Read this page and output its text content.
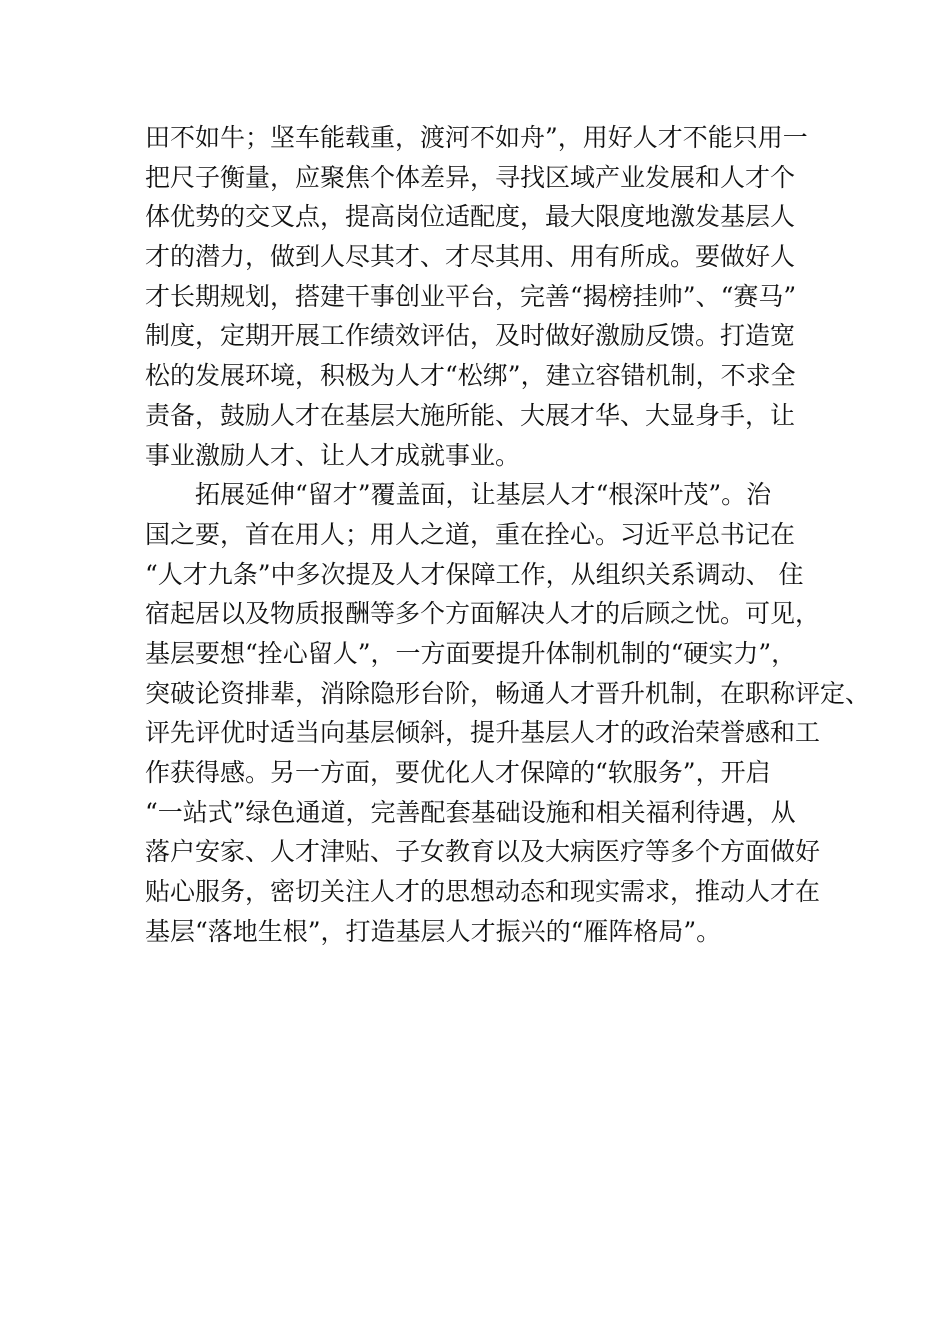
田不如牛；坚车能载重，渡河不如舟”，用好人才不能只用一
把尺子衡量，应聚焦个体差异，寻找区域产业发展和人才个
体优势的交叉点，提高岗位适配度，最大限度地激发基层人
才的潜力，做到人尽其才、才尽其用、用有所成。要做好人
才长期规划，搭建干事创业平台，完善“揭榜挂帅”、“赛马”
制度，定期开展工作绩效评估，及时做好激励反馈。打造宽
松的发展环境，积极为人才“松绑”，建立容错机制，不求全
责备，鼓励人才在基层大施所能、大展才华、大显身手，让
事业激励人才、让人才成就事业。
拓展延伸“留才”覆盖面，让基层人才“根深叶茂”。治
国之要，首在用人；用人之道，重在拴心。习近平总书记在
“人才九条”中多次提及人才保障工作，从组织关系调动、 住
宿起居以及物质报酬等多个方面解决人才的后顾之忧。可见，
基层要想“拴心留人”，一方面要提升体制机制的“硬实力”，
突破论资排辈，消除隐形台阶，畅通人才晋升机制，在职称评定、
评先评优时适当向基层倾斜，提升基层人才的政治荣誉感和工
作获得感。另一方面，要优化人才保障的“软服务”，开启
“一站式”绿色通道，完善配套基础设施和相关福利待遇，从
落户安家、人才津贴、子女教育以及大病医疗等多个方面做好
贴心服务，密切关注人才的思想动态和现实需求，推动人才在
基层“落地生根”，打造基层人才振兴的“雁阵格局”。
